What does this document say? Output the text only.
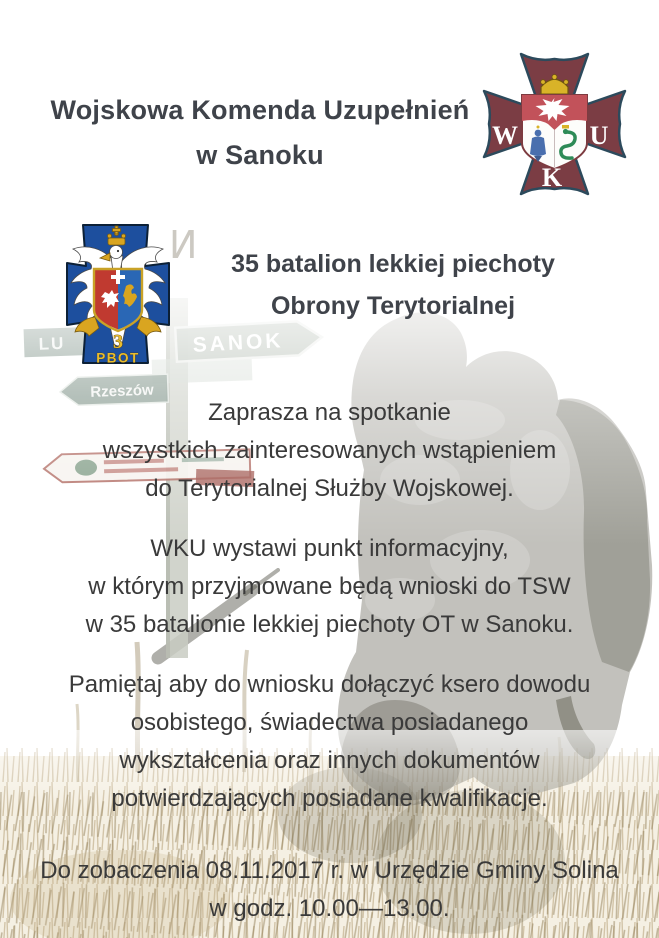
И
Wojskowa Komenda Uzupełnień
w Sanoku
W	U
K
3
PBOT
35 batalion lekkiej piechoty
Obrony Terytorialnej

Zaprasza na spotkanie
wszystkich zainteresowanych wstąpieniem
do Terytorialnej Służby Wojskowej.

WKU wystawi punkt informacyjny,
w którym przyjmowane będą wnioski do TSW
w 35 batalionie lekkiej piechoty OT w Sanoku.

Pamiętaj aby do wniosku dołączyć ksero dowodu
osobistego, świadectwa posiadanego
wykształcenia oraz innych dokumentów
potwierdzających posiadane kwalifikacje.

Do zobaczenia 08.11.2017 r. w Urzędzie Gminy Solina
w godz. 10.00—13.00.
